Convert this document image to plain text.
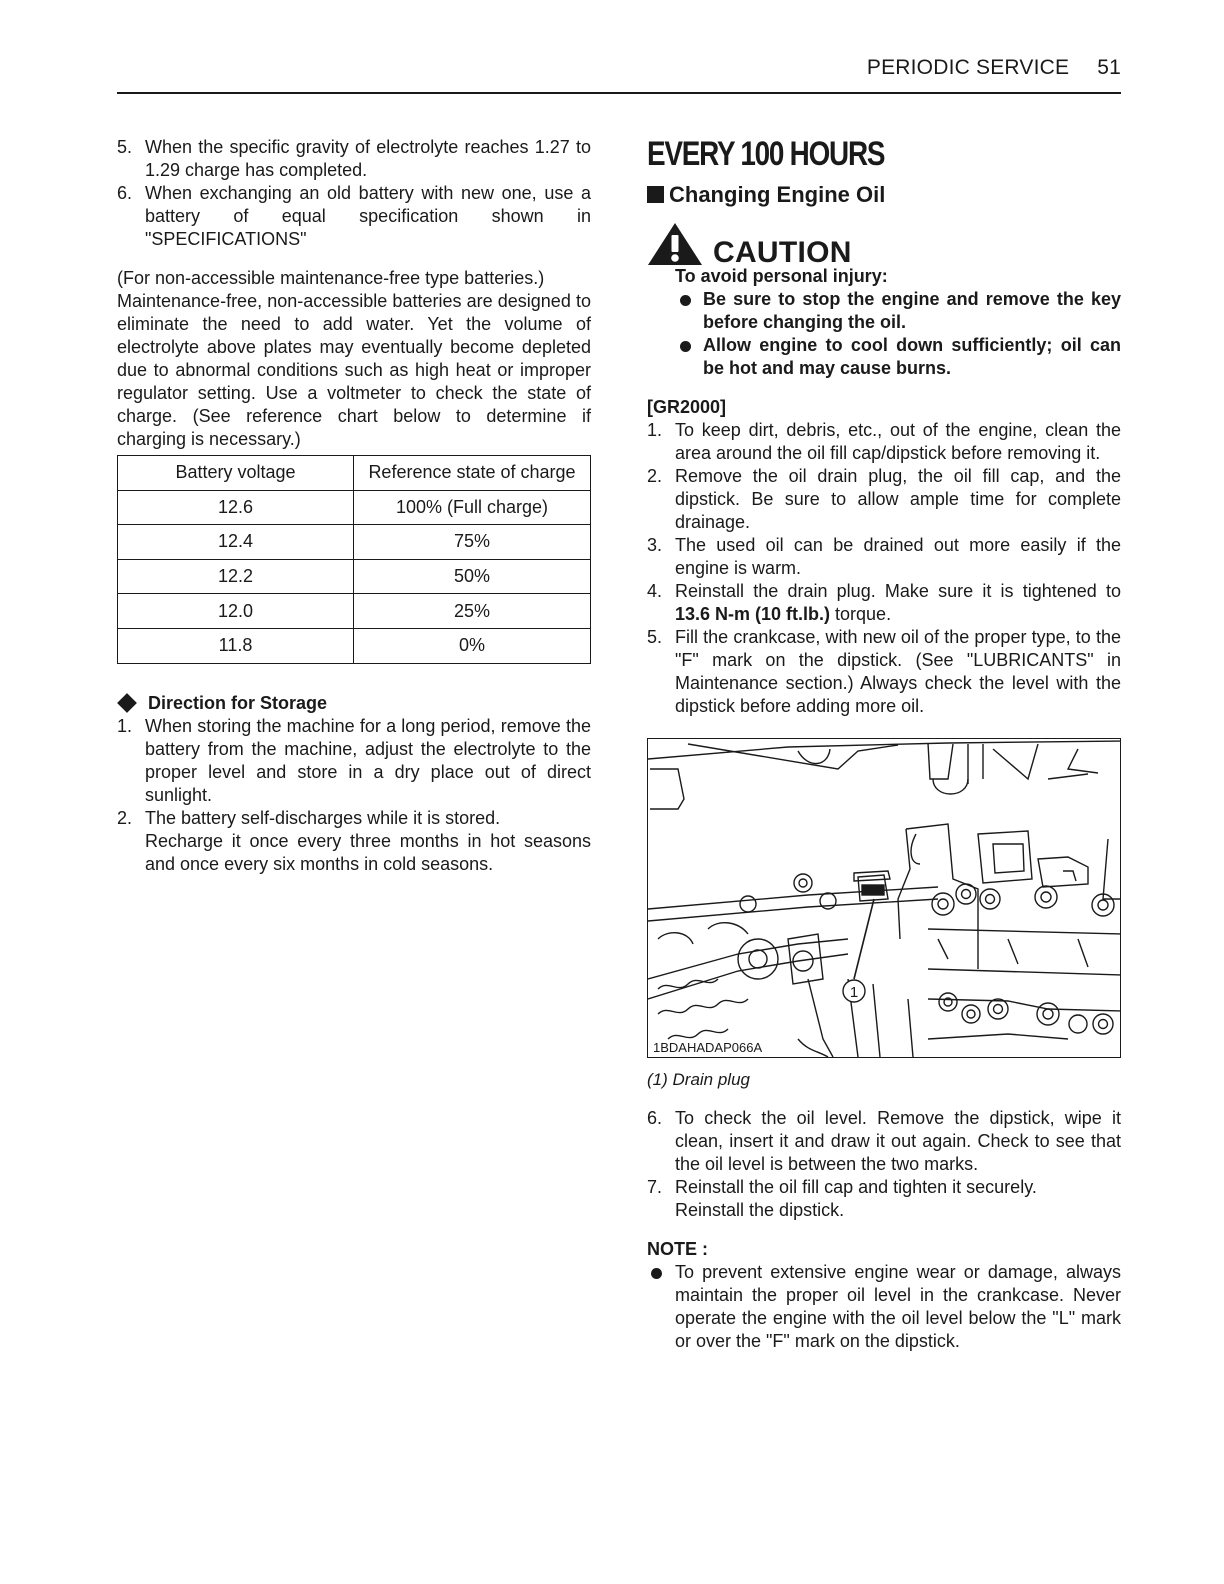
PERIODIC SERVICE 51
5. When the specific gravity of electrolyte reaches 1.27 to 1.29 charge has completed.
6. When exchanging an old battery with new one, use a battery of equal specification shown in "SPECIFICATIONS"

(For non-accessible maintenance-free type batteries.)

Maintenance-free, non-accessible batteries are designed to eliminate the need to add water. Yet the volume of electrolyte above plates may eventually become depleted due to abnormal conditions such as high heat or improper regulator setting. Use a voltmeter to check the state of charge. (See reference chart below to determine if charging is necessary.)

Battery voltage	Reference state of charge
12.6	100% (Full charge)
12.4	75%
12.2	50%
12.0	25%
11.8	0%
Direction for Storage
1. When storing the machine for a long period, remove the battery from the machine, adjust the electrolyte to the proper level and store in a dry place out of direct sunlight.
2. The battery self-discharges while it is stored.
Recharge it once every three months in hot seasons and once every six months in cold seasons.
EVERY 100 HOURS
Changing Engine Oil
CAUTION
To avoid personal injury:
Be sure to stop the engine and remove the key before changing the oil.
Allow engine to cool down sufficiently; oil can be hot and may cause burns.
[GR2000]
1. To keep dirt, debris, etc., out of the engine, clean the area around the oil fill cap/dipstick before removing it.
2. Remove the oil drain plug, the oil fill cap, and the dipstick. Be sure to allow ample time for complete drainage.
3. The used oil can be drained out more easily if the engine is warm.
4. Reinstall the drain plug. Make sure it is tightened to 13.6 N-m (10 ft.lb.) torque.
5. Fill the crankcase, with new oil of the proper type, to the "F" mark on the dipstick. (See "LUBRICANTS" in Maintenance section.) Always check the level with the dipstick before adding more oil.
1
1BDAHADAP066A
(1) Drain plug
6. To check the oil level. Remove the dipstick, wipe it clean, insert it and draw it out again. Check to see that the oil level is between the two marks.
7. Reinstall the oil fill cap and tighten it securely.
Reinstall the dipstick.
NOTE :
To prevent extensive engine wear or damage, always maintain the proper oil level in the crankcase. Never operate the engine with the oil level below the "L" mark or over the "F" mark on the dipstick.
